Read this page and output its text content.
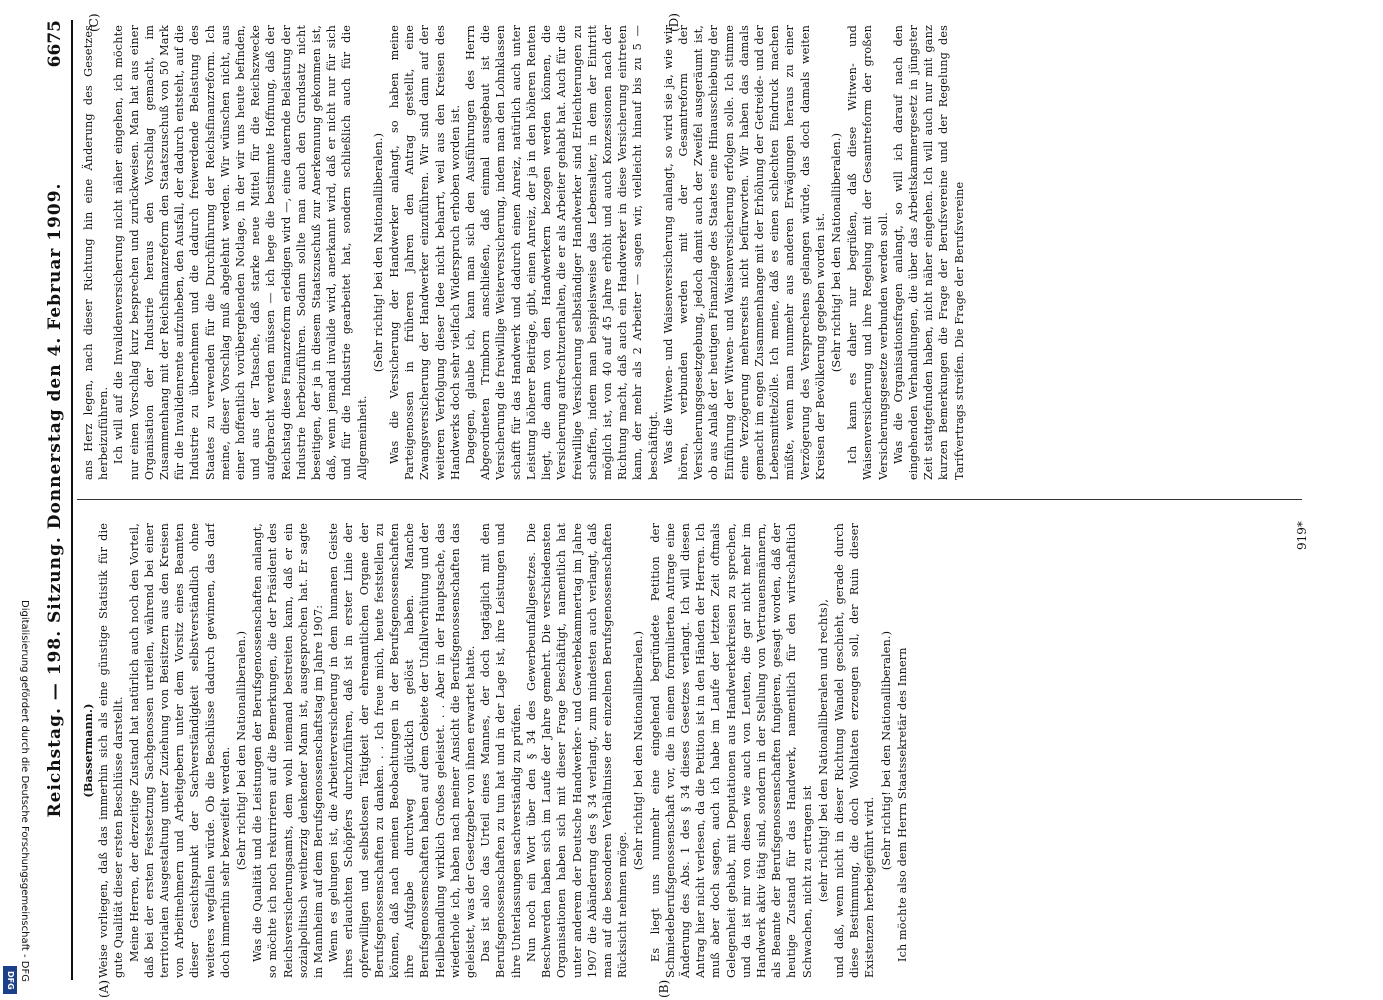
Reichstag. — 198. Sitzung. Donnerstag den 4. Februar 1909.
6675
(A)	(B)
(C)	(D)

(Bassermann.) Weise vorliegen, daß das immerhin sich als eine günstige Statistik für die gute Qualität dieser ersten Beschlüsse darstellt. Meine Herren, der derzeitige Zustand hat natürlich auch noch den Vorteil, daß bei der ersten Festsetzung Sachgenossen urteilen, während bei einer territorialen Ausgestaltung unter Zuziehung von Beisitzern aus den Kreisen von Arbeitnehmern und Arbeitgebern unter dem Vorsitz eines Beamten dieser Gesichtspunkt der Sachverständigkeit selbstverständlich ohne weiteres wegfallen würde. Ob die Beschlüsse dadurch gewinnen, das darf doch immerhin sehr bezweifelt werden. (Sehr richtig! bei den Nationalliberalen.) Was die Qualität und die Leistungen der Berufsgenossenschaften anlangt, so möchte ich noch rekurrieren auf die Bemerkungen, die der Präsident des Reichsversicherungsamts, dem wohl niemand bestreiten kann, daß er ein sozialpolitisch weitherzig denkender Mann ist, ausgesprochen hat. Er sagte in Mannheim auf dem Berufsgenossenschaftstag im Jahre 1907: Wenn es gelungen ist, die Arbeiterversicherung in dem humanen Geiste ihres erlauchten Schöpfers durchzuführen, daß ist in erster Linie der opferwilligen und selbstlosen Tätigkeit der ehrenamtlichen Organe der Berufsgenossenschaften zu danken. . . Ich freue mich, heute feststellen zu können, daß nach meinen Beobachtungen in der Berufsgenossenschaften ihre Aufgabe durchweg glücklich gelöst haben. Manche Berufsgenossenschaften haben auf dem Gebiete der Unfallverhütung und der Heilbehandlung wirklich Großes geleistet. . . Aber in der Hauptsache, das wiederhole ich, haben nach meiner Ansicht die Berufsgenossenschaften das geleistet, was der Gesetzgeber von ihnen erwartet hatte. Das ist also das Urteil eines Mannes, der doch tagtäglich mit den Berufsgenossenschaften zu tun hat und in der Lage ist, ihre Leistungen und ihre Unterlassungen sachverständig zu prüfen. Nun noch ein Wort über den § 34 des Gewerbeunfallgesetzes. Die Beschwerden haben sich im Laufe der Jahre gemehrt. Die verschiedensten Organisationen haben sich mit dieser Frage beschäftigt, namentlich hat unter anderem der Deutsche Handwerker- und Gewerbekammertag im Jahre 1907 die Abänderung des § 34 verlangt, zum mindesten auch verlangt, daß man auf die besonderen Verhältnisse der einzelnen Berufsgenossenschaften Rücksicht nehmen möge.

(Sehr richtig! bei den Nationalliberalen.) Es liegt uns nunmehr eine eingehend begründete Petition der Schmiedeberufsgenossenschaft vor, die in einem formulierten Antrage eine Änderung des Abs. 1 des § 34 dieses Gesetzes verlangt. Ich will diesen Antrag hier nicht verlesen, da die Petition ist in den Händen der Herren. Ich muß aber doch sagen, auch ich habe im Laufe der letzten Zeit oftmals Gelegenheit gehabt, mit Deputationen aus Handwerkerkreisen zu sprechen, und da ist mir von diesen wie auch von Leuten, die gar nicht mehr im Handwerk aktiv tätig sind, sondern in der Stellung von Vertrauensmännern, als Beamte der Berufsgenossenschaften fungieren, gesagt worden, daß der heutige Zustand für das Handwerk, namentlich für den wirtschaftlich Schwachen, nicht zu ertragen ist (sehr richtig! bei den Nationalliberalen und rechts), und daß, wenn nicht in dieser Richtung Wandel geschieht, gerade durch diese Bestimmung, die doch Wohltaten erzeugen soll, der Ruin dieser Existenzen herbeigeführt wird.

(Sehr richtig! bei den Nationalliberalen.) Ich möchte also dem Herrn Staatssekretär des Innern

ans Herz legen, nach dieser Richtung hin eine Änderung des Gesetzes herbeizuführen. Ich will auf die Invalidenversicherung nicht näher eingehen, ich möchte nur einen Vorschlag kurz besprechen und zurückweisen. Man hat aus einer Organisation der Industrie heraus den Vorschlag gemacht, im Zusammenhang mit der Reichsfinanzreform den Staatszuschuß von 50 Mark für die Invalidenrente aufzuheben, den Ausfall, der dadurch entsteht, auf die Industrie zu übernehmen und die dadurch freiwerdende Belastung des Staates zu verwenden für die Durchführung der Reichsfinanzreform. Ich meine, dieser Vorschlag muß abgelehnt werden. Wir wünschen nicht, aus einer hoffentlich vorübergehenden Notlage, in der wir uns heute befinden, und aus der Tatsache, daß starke neue Mittel für die Reichszwecke aufgebracht werden müssen — ich hege die bestimmte Hoffnung, daß der Reichstag diese Finanzreform erledigen wird —, eine dauernde Belastung der Industrie herbeizuführen. Sodann sollte man auch den Grundsatz nicht beseitigen, der ja in diesem Staatszuschuß zur Anerkennung gekommen ist, daß, wenn jemand invalide wird, anerkannt wird, daß er nicht nur für sich und für die Industrie gearbeitet hat, sondern schließlich auch für die Allgemeinheit.

(Sehr richtig! bei den Nationalliberalen.) Was die Versicherung der Handwerker anlangt, so haben meine Parteigenossen in früheren Jahren den Antrag gestellt, eine Zwangsversicherung der Handwerker einzuführen. Wir sind dann auf der weiteren Verfolgung dieser Idee nicht beharrt, weil aus den Kreisen des Handwerks doch sehr vielfach Widerspruch erhoben worden ist. Dagegen, glaube ich, kann man sich den Ausführungen des Herrn Abgeordneten Trimborn anschließen, daß einmal ausgebaut ist die Versicherung die freiwillige Weiterversicherung, indem man den Lohnklassen schafft für das Handwerk und dadurch einen Anreiz, natürlich auch unter Leistung höherer Beiträge, gibt, einen Anreiz, der ja in den höheren Renten liegt, die dann von den Handwerkern bezogen werden können, die Versicherung aufrechtzuerhalten, die er als Arbeiter gehabt hat. Auch für die freiwillige Versicherung selbständiger Handwerker sind Erleichterungen zu schaffen, indem man beispielsweise das Lebensalter, in dem der Eintritt möglich ist, von 40 auf 45 Jahre erhöht und auch Konzessionen nach der Richtung macht, daß auch ein Handwerker in diese Versicherung eintreten kann, der mehr als 2 Arbeiter — sagen wir, vielleicht hinauf bis zu 5 — beschäftigt. Was die Witwen- und Waisenversicherung anlangt, so wird sie ja, wie wir hören, verbunden werden mit der Gesamtreform der Versicherungsgesetzgebung, jedoch damit auch der Zweifel ausgeräumt ist, ob aus Anlaß der heutigen Finanzlage des Staates eine Hinausschiebung der Einführung der Witwen- und Waisenversicherung erfolgen solle. Ich stimme eine Verzögerung mehrerseits nicht befürworten. Wir haben das damals gemacht im engen Zusammenhange mit der Erhöhung der Getreide- und der Lebensmittelzölle. Ich meine, daß es einen schlechten Eindruck machen müßte, wenn man nunmehr aus anderen Erwägungen heraus zu einer Verzögerung des Versprechens gelangen würde, das doch damals weiten Kreisen der Bevölkerung gegeben worden ist. (Sehr richtig! bei den Nationalliberalen.) Ich kann es daher nur begrüßen, daß diese Witwen- und Waisenversicherung und ihre Regelung mit der Gesamtreform der großen Versicherungsgesetze verbunden werden soll. Was die Organisationsfragen anlangt, so will ich darauf nach den eingehenden Verhandlungen, die über das Arbeitskammergesetz in jüngster Zeit stattgefunden haben, nicht näher eingehen. Ich will auch nur mit ganz kurzen Bemerkungen die Frage der Berufsvereine und der Regelung des Tarifvertrags streifen. Die Frage der Berufsvereine

919*
Digitalisierung gefördert durch die Deutsche Forschungsgemeinschaft - DFG
DFG
